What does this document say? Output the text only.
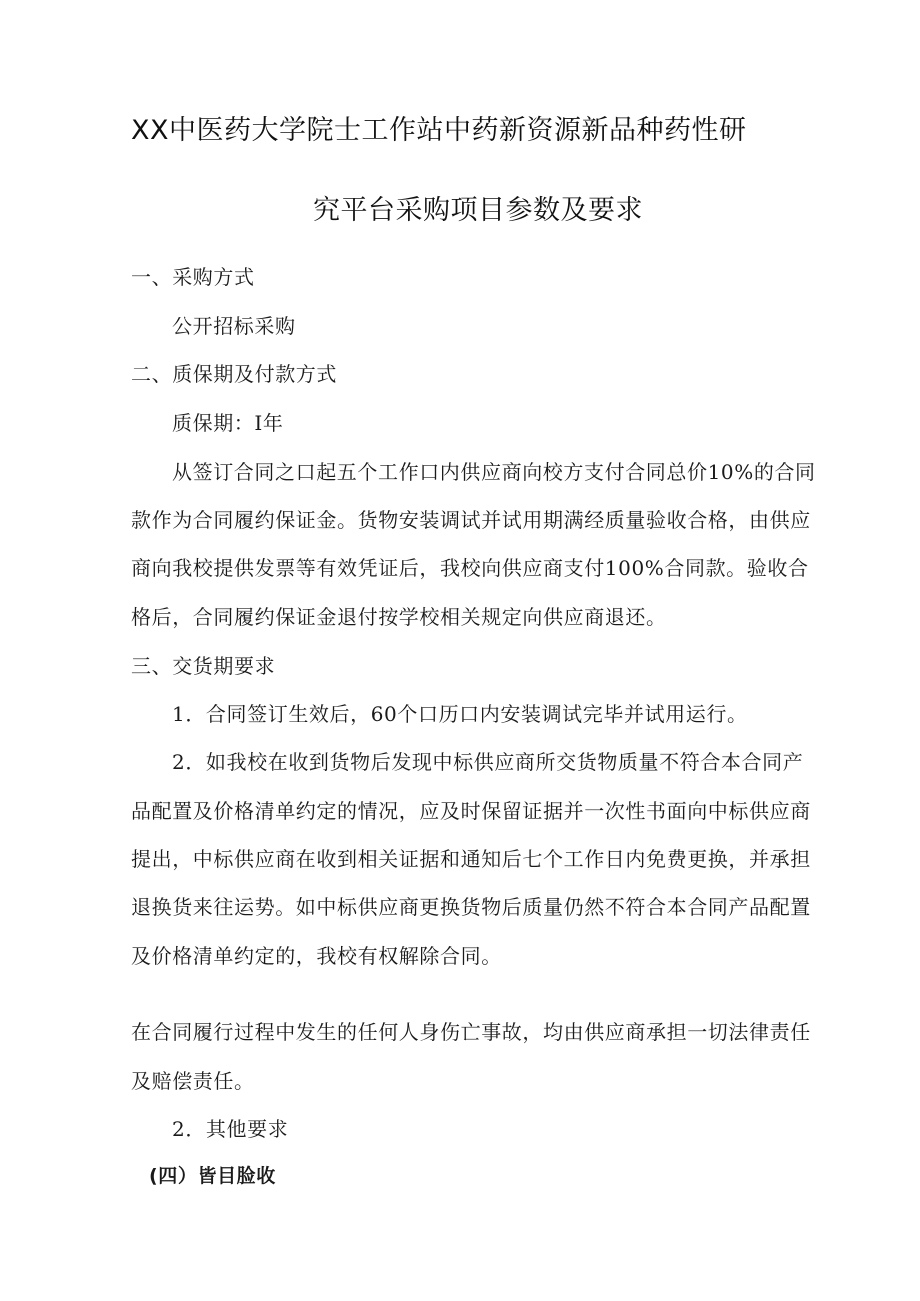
XX中医药大学院士工作站中药新资源新品种药性研
究平台采购项目参数及要求
一、采购方式
公开招标采购
二、质保期及付款方式
质保期：I年
从签订合同之口起五个工作口内供应商向校方支付合同总价10%的合同
款作为合同履约保证金。货物安装调试并试用期满经质量验收合格，由供应
商向我校提供发票等有效凭证后，我校向供应商支付100%合同款。验收合
格后，合同履约保证金退付按学校相关规定向供应商退还。
三、交货期要求
1．合同签订生效后，60个口历口内安装调试完毕并试用运行。
2．如我校在收到货物后发现中标供应商所交货物质量不符合本合同产
品配置及价格清单约定的情况，应及时保留证据并一次性书面向中标供应商
提出，中标供应商在收到相关证据和通知后七个工作日内免费更换，并承担
退换货来往运势。如中标供应商更换货物后质量仍然不符合本合同产品配置
及价格清单约定的，我校有权解除合同。
在合同履行过程中发生的任何人身伤亡事故，均由供应商承担一切法律责任
及赔偿责任。
2．其他要求
(四）皆目脸收
